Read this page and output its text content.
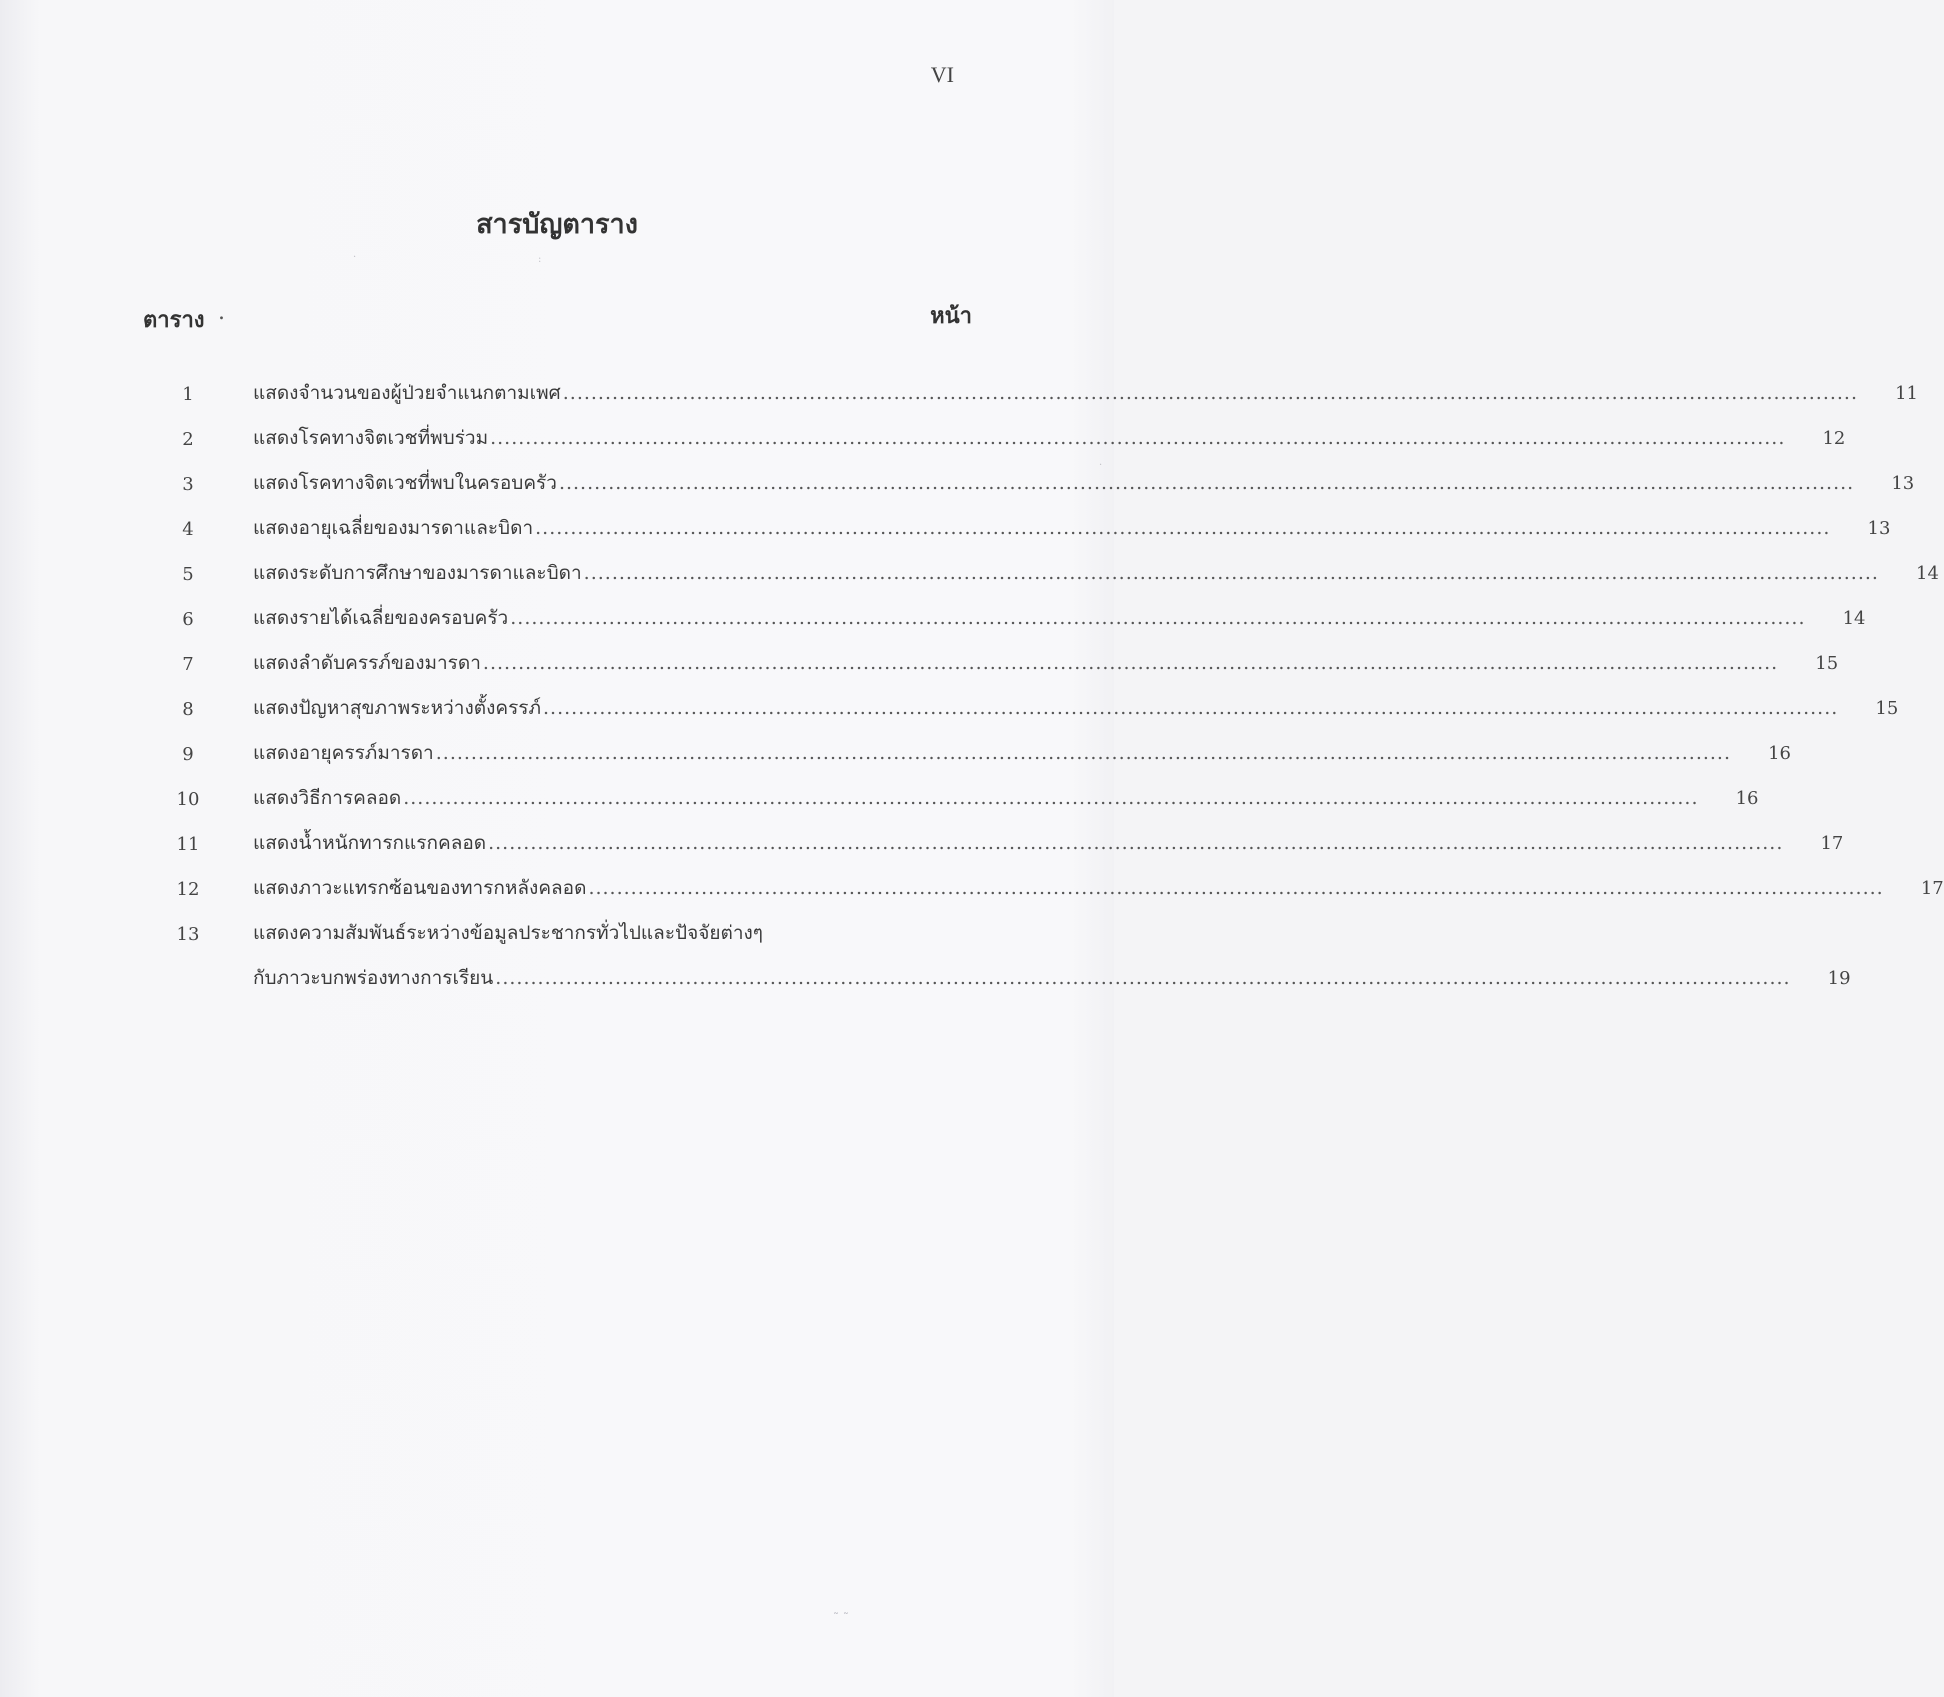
VI
สารบัญตาราง
ตาราง .	หน้า
1	แสดงจำนวนของผู้ป่วยจำแนกตามเพศ .....	11
2	แสดงโรคทางจิตเวชที่พบร่วม .....	12
3	แสดงโรคทางจิตเวชที่พบในครอบครัว .....	13
4	แสดงอายุเฉลี่ยของมารดาและบิดา .....	13
5	แสดงระดับการศึกษาของมารดาและบิดา .....	14
6	แสดงรายได้เฉลี่ยของครอบครัว .....	14
7	แสดงลำดับครรภ์ของมารดา .....	15
8	แสดงปัญหาสุขภาพระหว่างตั้งครรภ์ .....	15
9	แสดงอายุครรภ์มารดา .....	16
10	แสดงวิธีการคลอด .....	16
11	แสดงน้ำหนักทารกแรกคลอด .....	17
12	แสดงภาวะแทรกซ้อนของทารกหลังคลอด .....	17
13	แสดงความสัมพันธ์ระหว่างข้อมูลประชากรทั่วไปและปัจจัยต่างๆ
กับภาวะบกพร่องทางการเรียน .....	19
˜ ˜
·	:
·
